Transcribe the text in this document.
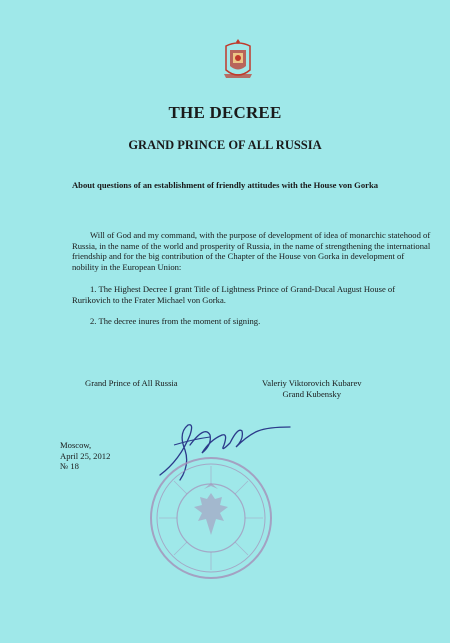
THE DECREE
GRAND PRINCE OF ALL RUSSIA
About questions of an establishment of friendly attitudes with the House von Gorka
Will of God and my command, with the purpose of development of idea of monarchic statehood of Russia, in the name of the world and prosperity of Russia, in the name of strengthening the international friendship and for the big contribution of the Chapter of the House von Gorka in development of nobility in the European Union:
1. The Highest Decree I grant Title of Lightness Prince of Grand-Ducal August House of Rurikovich to the Frater Michael von Gorka.
2. The decree inures from the moment of signing.
Grand Prince of All Russia	Valeriy Viktorovich Kubarev
Grand Kubensky
Moscow,
April 25, 2012
№ 18
